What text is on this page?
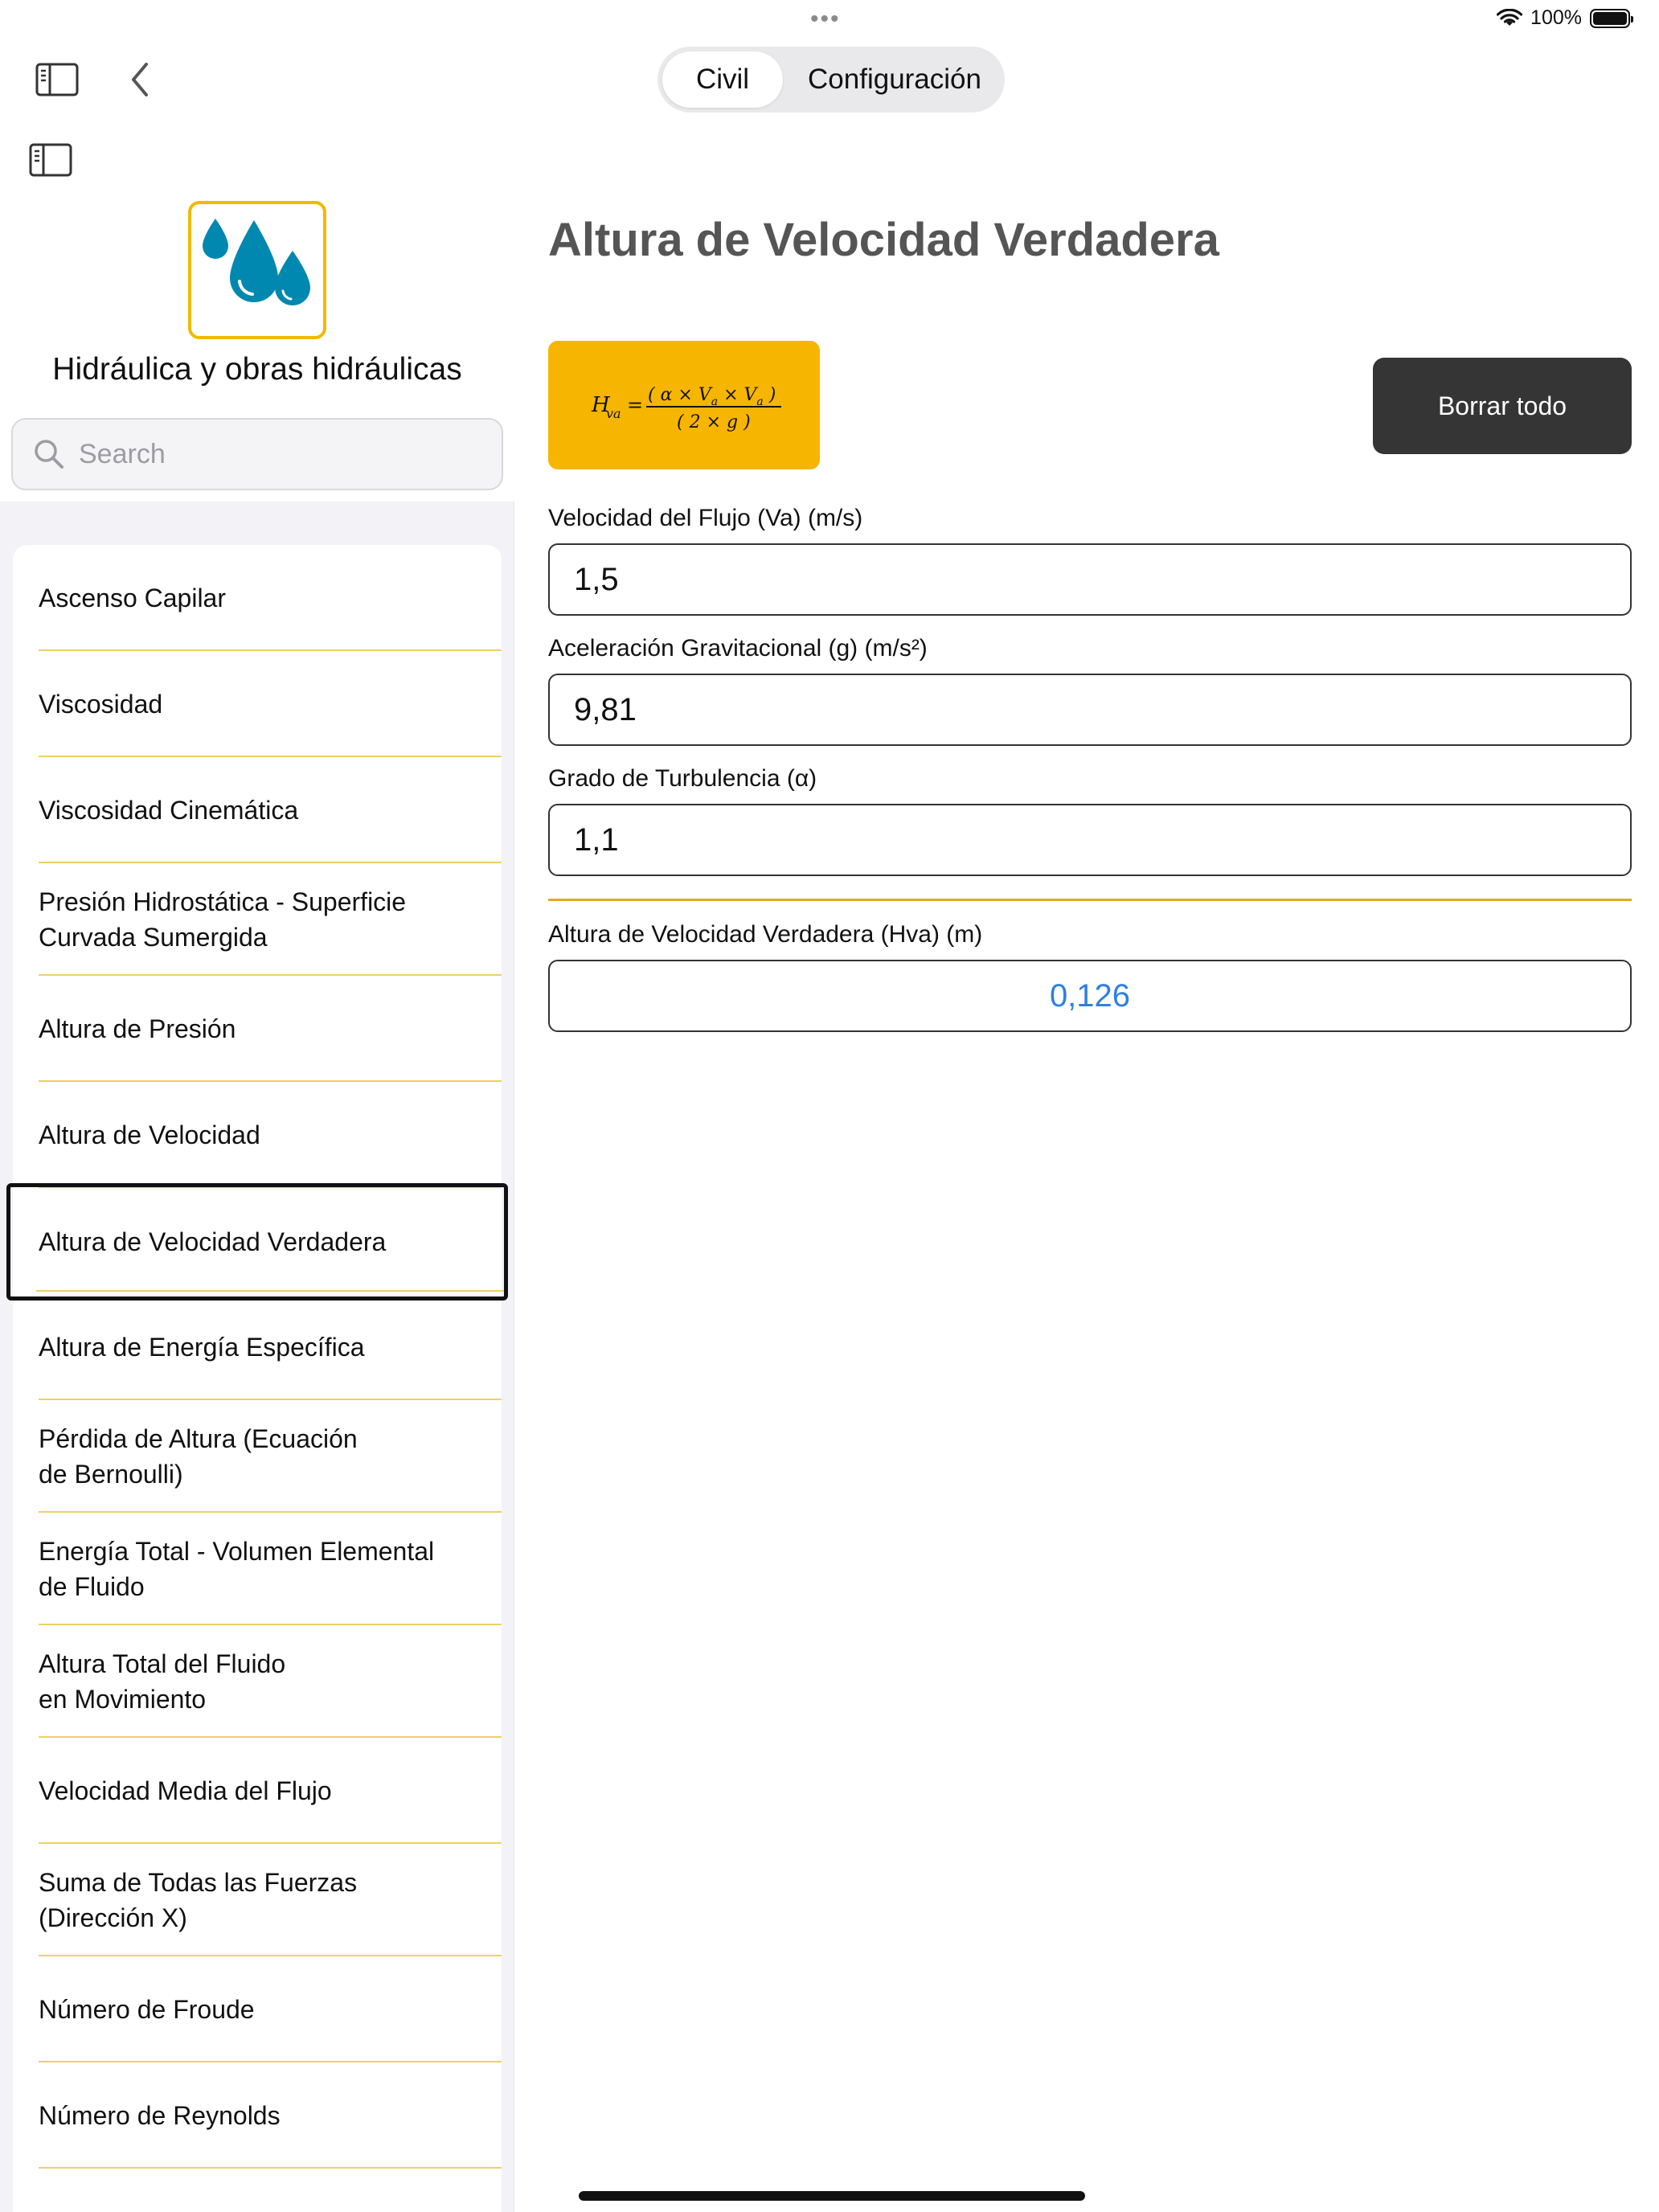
•••	100%
Hidráulica y obras hidráulicas
Search
Ascenso Capilar
Viscosidad
Viscosidad Cinemática
Presión Hidrostática - Superficie Curvada Sumergida
Altura de Presión
Altura de Velocidad
Altura de Velocidad Verdadera
Altura de Energía Específica
Pérdida de Altura (Ecuación de Bernoulli)
Energía Total - Volumen Elemental de Fluido
Altura Total del Fluido en Movimiento
Velocidad Media del Flujo
Suma de Todas las Fuerzas (Dirección X)
Número de Froude
Número de Reynolds
Civil	Configuración
Altura de Velocidad Verdadera
H
va = ( $\alpha \times V_a \times V_a$ )
( 2 × g )
Borrar todo
Velocidad del Flujo (Va) (m/s)
1,5
Aceleración Gravitacional (g) (m/s²)
9,81
Grado de Turbulencia (α)
1,1
Altura de Velocidad Verdadera (Hva) (m)
0,126
